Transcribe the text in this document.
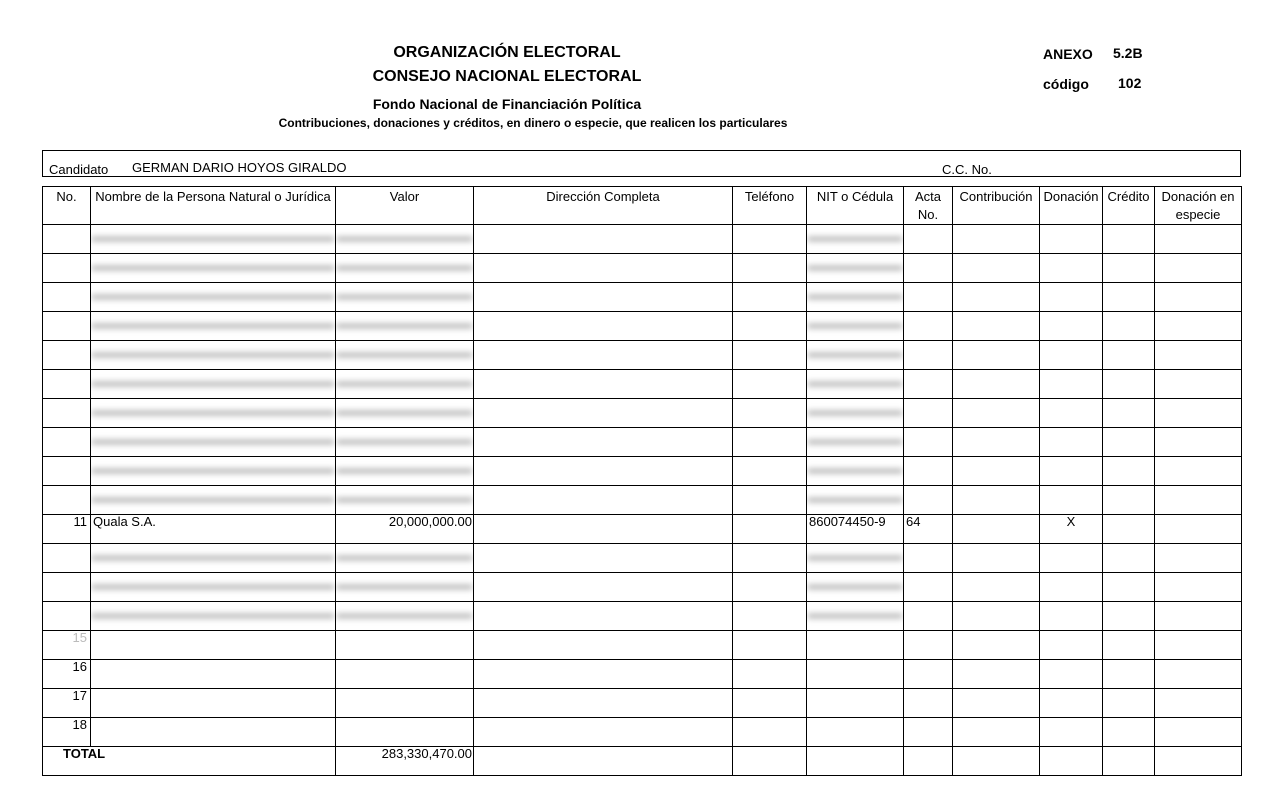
ORGANIZACIÓN ELECTORAL
CONSEJO NACIONAL ELECTORAL
Fondo Nacional de Financiación Política
Contribuciones, donaciones y créditos, en dinero o especie, que realicen los particulares
ANEXO 5.2B
código 102
Candidato GERMAN DARIO HOYOS GIRALDO	C.C. No.
No.	Nombre de la Persona Natural o Jurídica	Valor	Dirección Completa	Teléfono	NIT o Cédula	Acta No.	Contribución	Donación	Crédito	Donación en especie

11	Quala S.A.	20,000,000.00			860074450-9	64		X		

15										
16										
17										
18										
TOTAL		283,330,470.00								
